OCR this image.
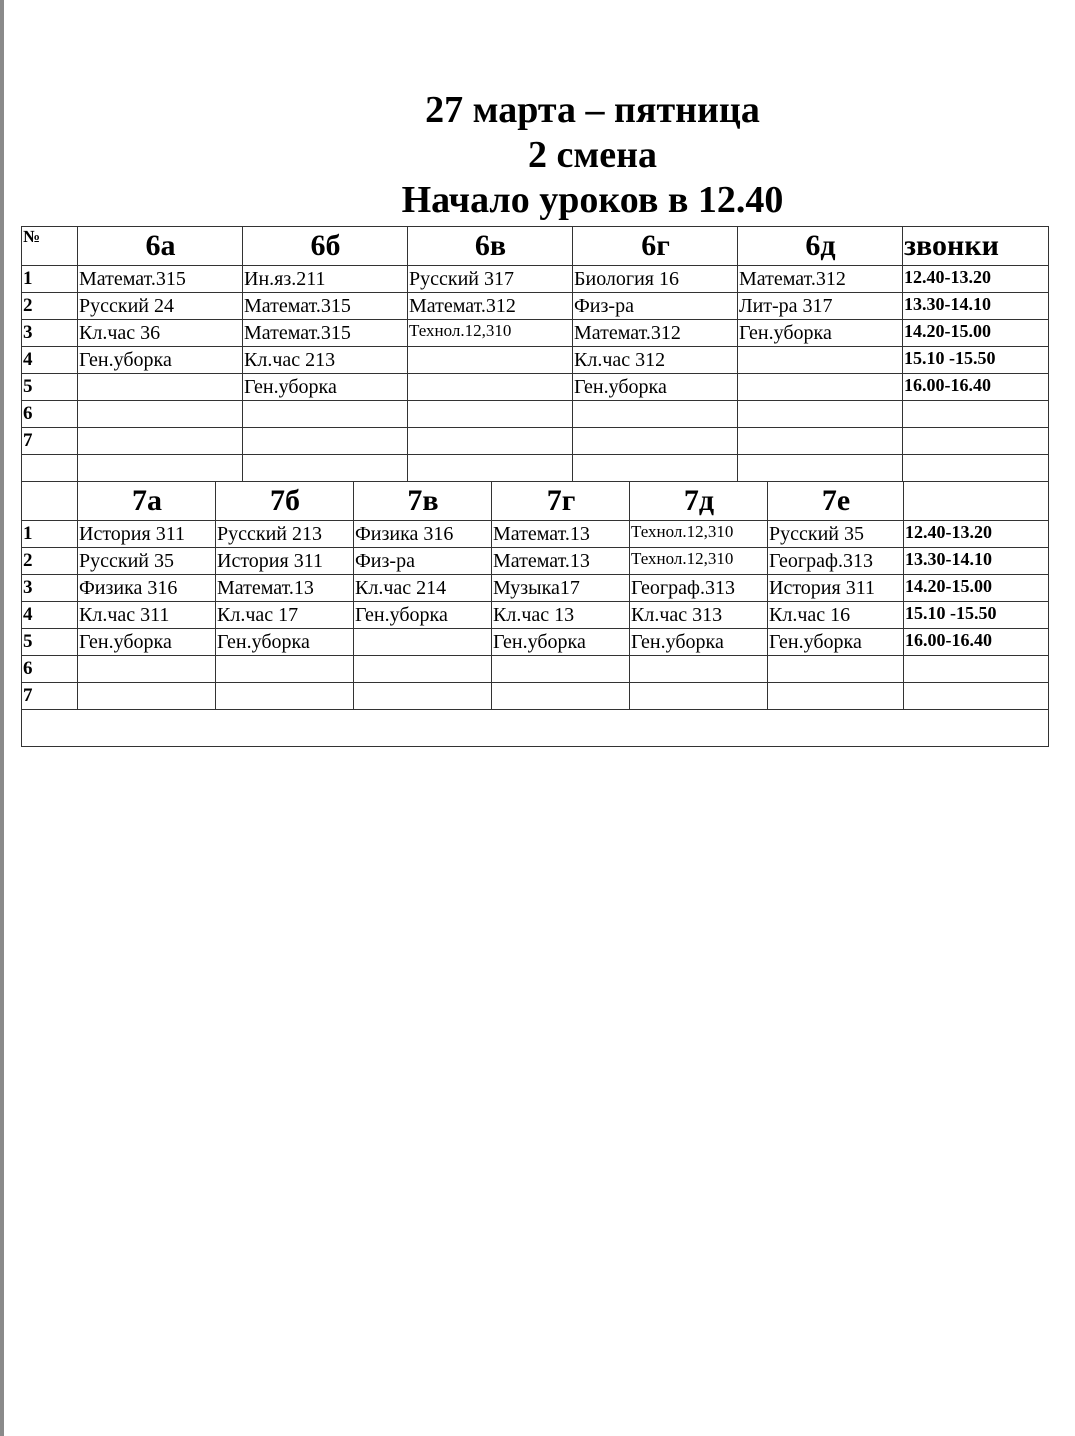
27 марта – пятница
2 смена
Начало уроков в 12.40
№	6а	6б	6в	6г	6д	звонки
1	Математ.315	Ин.яз.211	Русский 317	Биология 16	Математ.312	12.40-13.20
2	Русский 24	Математ.315	Математ.312	Физ-ра	Лит-ра 317	13.30-14.10
3	Кл.час 36	Математ.315	Технол.12,310	Математ.312	Ген.уборка	14.20-15.00
4	Ген.уборка	Кл.час 213		Кл.час 312		15.10 -15.50
5		Ген.уборка		Ген.уборка		16.00-16.40
6						
7						

	7а	7б	7в	7г	7д	7е	
1	История 311	Русский 213	Физика 316	Математ.13	Технол.12,310	Русский 35	12.40-13.20
2	Русский 35	История 311	Физ-ра	Математ.13	Технол.12,310	Географ.313	13.30-14.10
3	Физика 316	Математ.13	Кл.час 214	Музыка17	Географ.313	История 311	14.20-15.00
4	Кл.час 311	Кл.час 17	Ген.уборка	Кл.час 13	Кл.час 313	Кл.час 16	15.10 -15.50
5	Ген.уборка	Ген.уборка		Ген.уборка	Ген.уборка	Ген.уборка	16.00-16.40
6							
7							
